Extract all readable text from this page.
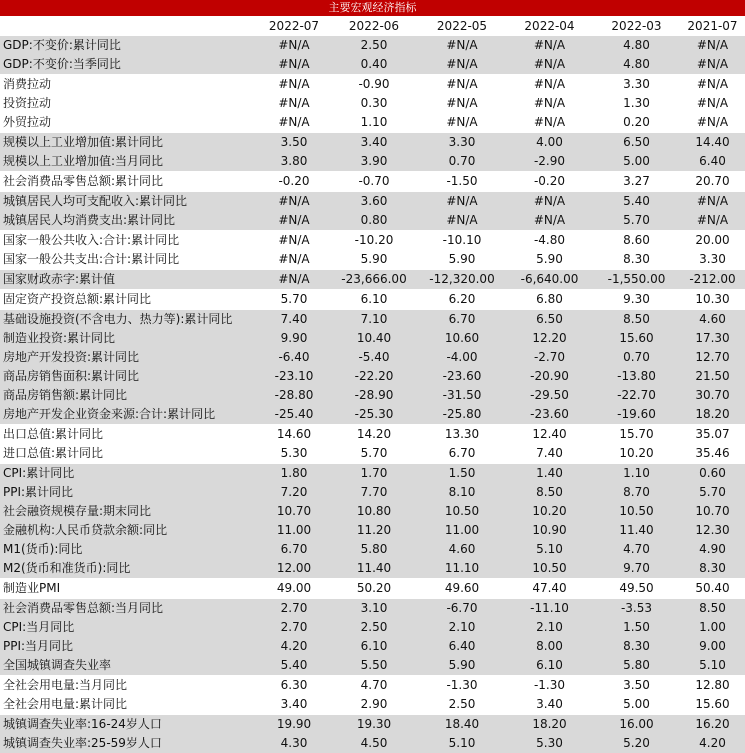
主要宏观经济指标
	2022-07	2022-06	2022-05	2022-04	2022-03	2021-07
GDP:不变价:累计同比	#N/A	2.50	#N/A	#N/A	4.80	#N/A
GDP:不变价:当季同比	#N/A	0.40	#N/A	#N/A	4.80	#N/A
消费拉动	#N/A	-0.90	#N/A	#N/A	3.30	#N/A
投资拉动	#N/A	0.30	#N/A	#N/A	1.30	#N/A
外贸拉动	#N/A	1.10	#N/A	#N/A	0.20	#N/A
规模以上工业增加值:累计同比	3.50	3.40	3.30	4.00	6.50	14.40
规模以上工业增加值:当月同比	3.80	3.90	0.70	-2.90	5.00	6.40
社会消费品零售总额:累计同比	-0.20	-0.70	-1.50	-0.20	3.27	20.70
城镇居民人均可支配收入:累计同比	#N/A	3.60	#N/A	#N/A	5.40	#N/A
城镇居民人均消费支出:累计同比	#N/A	0.80	#N/A	#N/A	5.70	#N/A
国家一般公共收入:合计:累计同比	#N/A	-10.20	-10.10	-4.80	8.60	20.00
国家一般公共支出:合计:累计同比	#N/A	5.90	5.90	5.90	8.30	3.30
国家财政赤字:累计值	#N/A	-23,666.00	-12,320.00	-6,640.00	-1,550.00	-212.00
固定资产投资总额:累计同比	5.70	6.10	6.20	6.80	9.30	10.30
基础设施投资(不含电力、热力等):累计同比	7.40	7.10	6.70	6.50	8.50	4.60
制造业投资:累计同比	9.90	10.40	10.60	12.20	15.60	17.30
房地产开发投资:累计同比	-6.40	-5.40	-4.00	-2.70	0.70	12.70
商品房销售面积:累计同比	-23.10	-22.20	-23.60	-20.90	-13.80	21.50
商品房销售额:累计同比	-28.80	-28.90	-31.50	-29.50	-22.70	30.70
房地产开发企业资金来源:合计:累计同比	-25.40	-25.30	-25.80	-23.60	-19.60	18.20
出口总值:累计同比	14.60	14.20	13.30	12.40	15.70	35.07
进口总值:累计同比	5.30	5.70	6.70	7.40	10.20	35.46
CPI:累计同比	1.80	1.70	1.50	1.40	1.10	0.60
PPI:累计同比	7.20	7.70	8.10	8.50	8.70	5.70
社会融资规模存量:期末同比	10.70	10.80	10.50	10.20	10.50	10.70
金融机构:人民币贷款余额:同比	11.00	11.20	11.00	10.90	11.40	12.30
M1(货币):同比	6.70	5.80	4.60	5.10	4.70	4.90
M2(货币和准货币):同比	12.00	11.40	11.10	10.50	9.70	8.30
制造业PMI	49.00	50.20	49.60	47.40	49.50	50.40
社会消费品零售总额:当月同比	2.70	3.10	-6.70	-11.10	-3.53	8.50
CPI:当月同比	2.70	2.50	2.10	2.10	1.50	1.00
PPI:当月同比	4.20	6.10	6.40	8.00	8.30	9.00
全国城镇调查失业率	5.40	5.50	5.90	6.10	5.80	5.10
全社会用电量:当月同比	6.30	4.70	-1.30	-1.30	3.50	12.80
全社会用电量:累计同比	3.40	2.90	2.50	3.40	5.00	15.60
城镇调查失业率:16-24岁人口	19.90	19.30	18.40	18.20	16.00	16.20
城镇调查失业率:25-59岁人口	4.30	4.50	5.10	5.30	5.20	4.20
